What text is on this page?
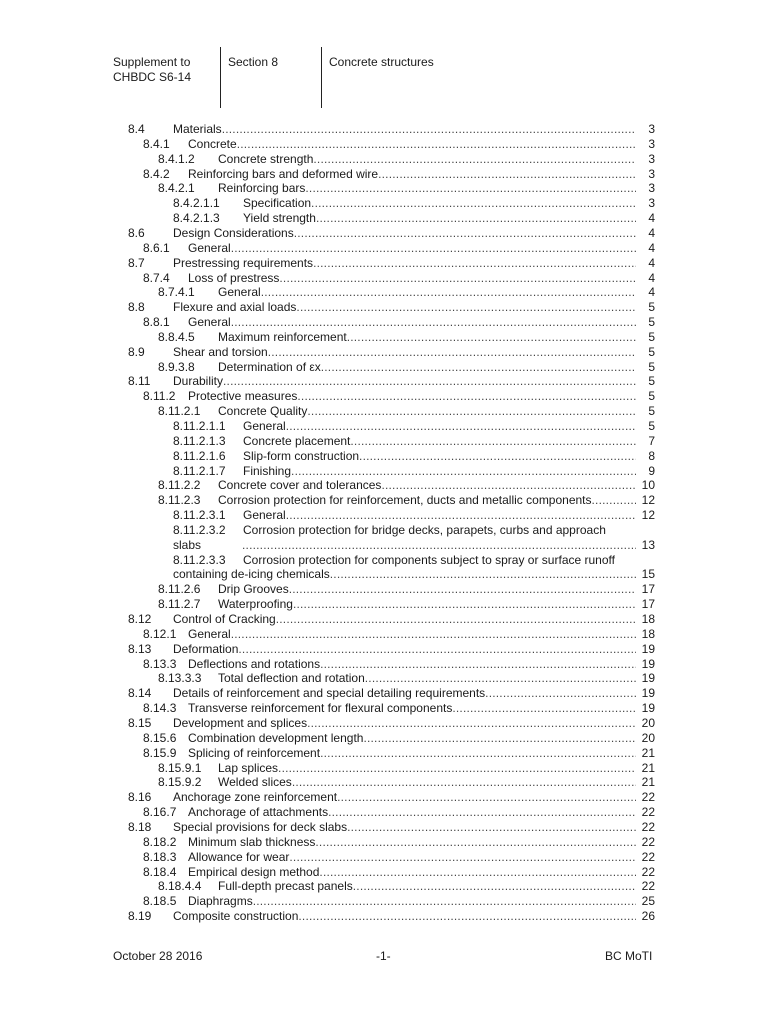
Supplement to
CHBDC S6-14
Section 8	Concrete structures
8.4 Materials .....	3
8.4.1 Concrete .....	3
8.4.1.2 Concrete strength .....	3
8.4.2 Reinforcing bars and deformed wire .....	3
8.4.2.1 Reinforcing bars .....	3
8.4.2.1.1 Specification .....	3
8.4.2.1.3 Yield strength .....	4
8.6 Design Considerations .....	4
8.6.1 General .....	4
8.7 Prestressing requirements .....	4
8.7.4 Loss of prestress .....	4
8.7.4.1 General .....	4
8.8 Flexure and axial loads .....	5
8.8.1 General .....	5
8.8.4.5 Maximum reinforcement .....	5
8.9 Shear and torsion .....	5
8.9.3.8 Determination of εx .....	5
8.11 Durability .....	5
8.11.2 Protective measures .....	5
8.11.2.1 Concrete Quality .....	5
8.11.2.1.1 General .....	5
8.11.2.1.3 Concrete placement .....	7
8.11.2.1.6 Slip-form construction .....	8
8.11.2.1.7 Finishing .....	9
8.11.2.2 Concrete cover and tolerances .....	10
8.11.2.3 Corrosion protection for reinforcement, ducts and metallic components .....	12
8.11.2.3.1 General .....	12
8.11.2.3.2 Corrosion protection for bridge decks, parapets, curbs and approach
slabs .....	13
8.11.2.3.3 Corrosion protection for components subject to spray or surface runoff
containing de-icing chemicals .....	15
8.11.2.6 Drip Grooves .....	17
8.11.2.7 Waterproofing .....	17
8.12 Control of Cracking .....	18
8.12.1 General .....	18
8.13 Deformation .....	19
8.13.3 Deflections and rotations .....	19
8.13.3.3 Total deflection and rotation .....	19
8.14 Details of reinforcement and special detailing requirements .....	19
8.14.3 Transverse reinforcement for flexural components .....	19
8.15 Development and splices .....	20
8.15.6 Combination development length .....	20
8.15.9 Splicing of reinforcement .....	21
8.15.9.1 Lap splices .....	21
8.15.9.2 Welded slices .....	21
8.16 Anchorage zone reinforcement .....	22
8.16.7 Anchorage of attachments .....	22
8.18 Special provisions for deck slabs .....	22
8.18.2 Minimum slab thickness .....	22
8.18.3 Allowance for wear .....	22
8.18.4 Empirical design method .....	22
8.18.4.4 Full-depth precast panels .....	22
8.18.5 Diaphragms .....	25
8.19 Composite construction .....	26
October 28 2016	-1-	BC MoTI
